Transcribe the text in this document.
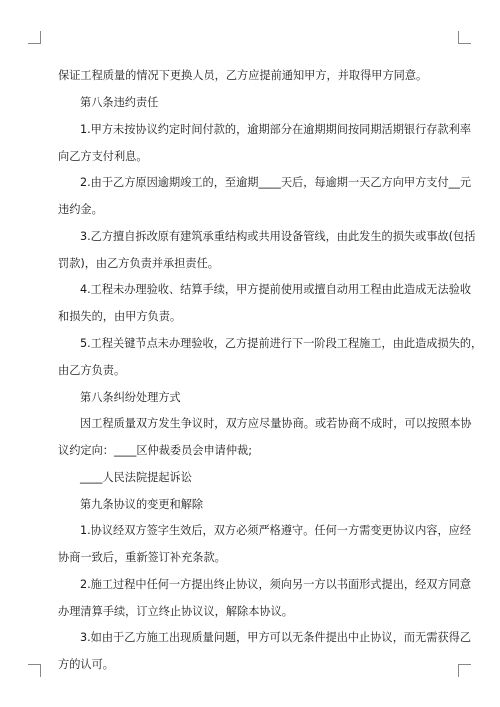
保证工程质量的情况下更换人员，乙方应提前通知甲方，并取得甲方同意。
第八条违约责任
1.甲方未按协议约定时间付款的，逾期部分在逾期期间按同期活期银行存款利率
向乙方支付利息。
2.由于乙方原因逾期竣工的，至逾期____天后，每逾期一天乙方向甲方支付__元
违约金。
3.乙方擅自拆改原有建筑承重结构或共用设备管线，由此发生的损失或事故(包括
罚款)，由乙方负责并承担责任。
4.工程未办理验收、结算手续，甲方提前使用或擅自动用工程由此造成无法验收
和损失的，由甲方负责。
5.工程关键节点未办理验收，乙方提前进行下一阶段工程施工，由此造成损失的，
由乙方负责。
第八条纠纷处理方式
因工程质量双方发生争议时，双方应尽量协商。或若协商不成时，可以按照本协
议约定向：____区仲裁委员会申请仲裁;
____人民法院提起诉讼
第九条协议的变更和解除
1.协议经双方签字生效后，双方必须严格遵守。任何一方需变更协议内容，应经
协商一致后，重新签订补充条款。
2.施工过程中任何一方提出终止协议，须向另一方以书面形式提出，经双方同意
办理清算手续，订立终止协议议，解除本协议。
3.如由于乙方施工出现质量问题，甲方可以无条件提出中止协议，而无需获得乙
方的认可。
